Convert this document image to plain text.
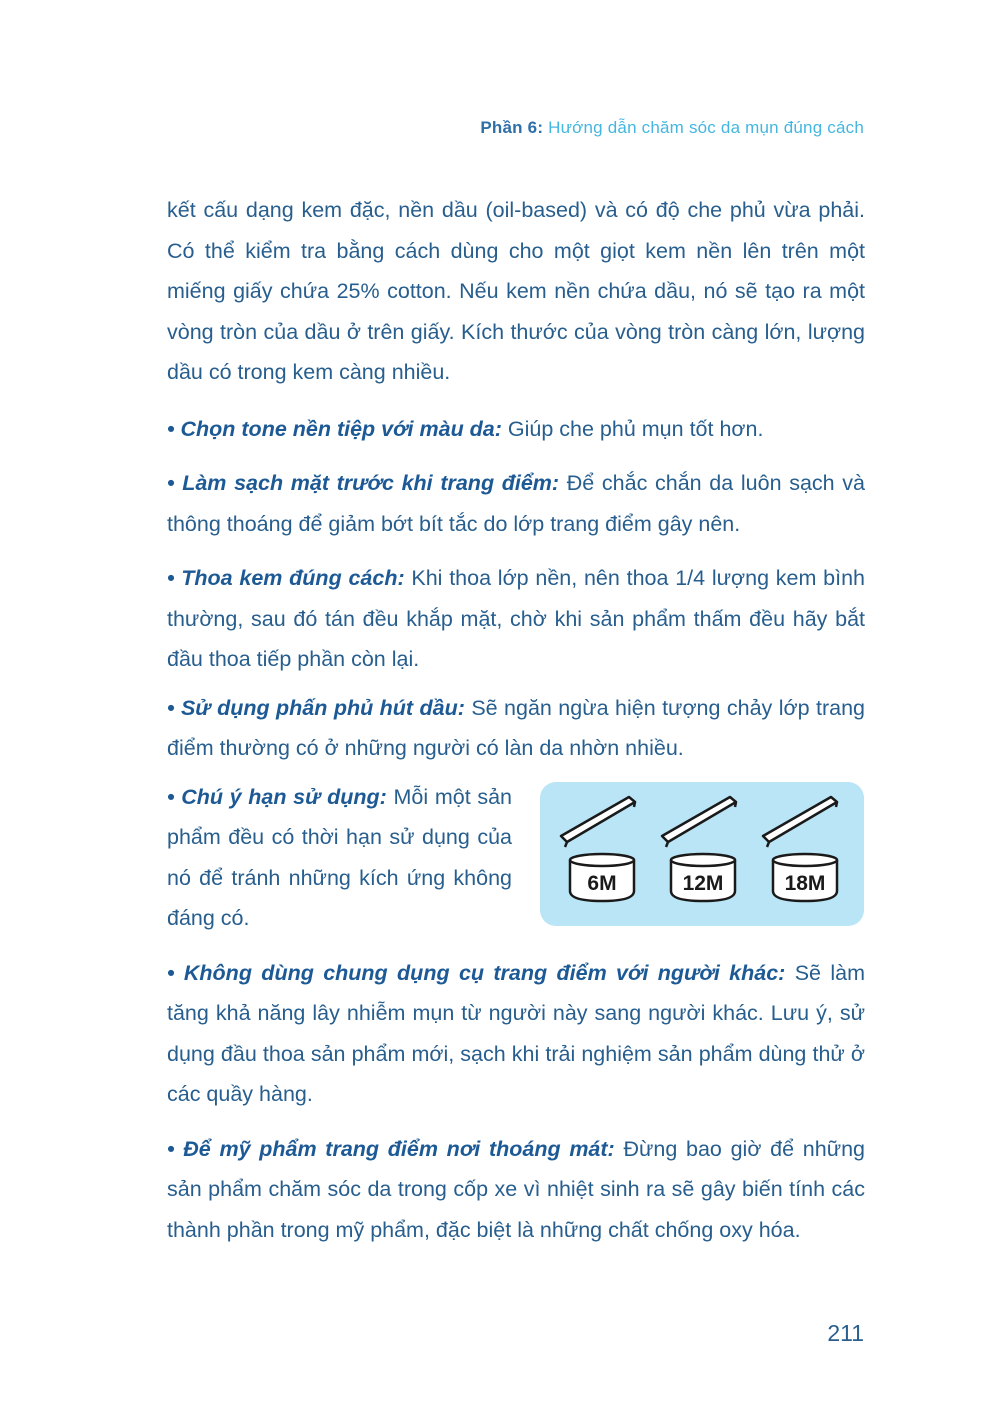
Phần 6: Hướng dẫn chăm sóc da mụn đúng cách

kết cấu dạng kem đặc, nền dầu (oil-based) và có độ che phủ vừa phải. Có thể kiểm tra bằng cách dùng cho một giọt kem nền lên trên một miếng giấy chứa 25% cotton. Nếu kem nền chứa dầu, nó sẽ tạo ra một vòng tròn của dầu ở trên giấy. Kích thước của vòng tròn càng lớn, lượng dầu có trong kem càng nhiều.

• Chọn tone nền tiệp với màu da: Giúp che phủ mụn tốt hơn.

• Làm sạch mặt trước khi trang điểm: Để chắc chắn da luôn sạch và thông thoáng để giảm bớt bít tắc do lớp trang điểm gây nên.

• Thoa kem đúng cách: Khi thoa lớp nền, nên thoa 1/4 lượng kem bình thường, sau đó tán đều khắp mặt, chờ khi sản phẩm thấm đều hãy bắt đầu thoa tiếp phần còn lại.

• Sử dụng phấn phủ hút dầu: Sẽ ngăn ngừa hiện tượng chảy lớp trang điểm thường có ở những người có làn da nhờn nhiều.

• Chú ý hạn sử dụng: Mỗi một sản phẩm đều có thời hạn sử dụng của nó để tránh những kích ứng không đáng có.

6M	12M	18M

• Không dùng chung dụng cụ trang điểm với người khác: Sẽ làm tăng khả năng lây nhiễm mụn từ người này sang người khác. Lưu ý, sử dụng đầu thoa sản phẩm mới, sạch khi trải nghiệm sản phẩm dùng thử ở các quầy hàng.

• Để mỹ phẩm trang điểm nơi thoáng mát: Đừng bao giờ để những sản phẩm chăm sóc da trong cốp xe vì nhiệt sinh ra sẽ gây biến tính các thành phần trong mỹ phẩm, đặc biệt là những chất chống oxy hóa.

211
